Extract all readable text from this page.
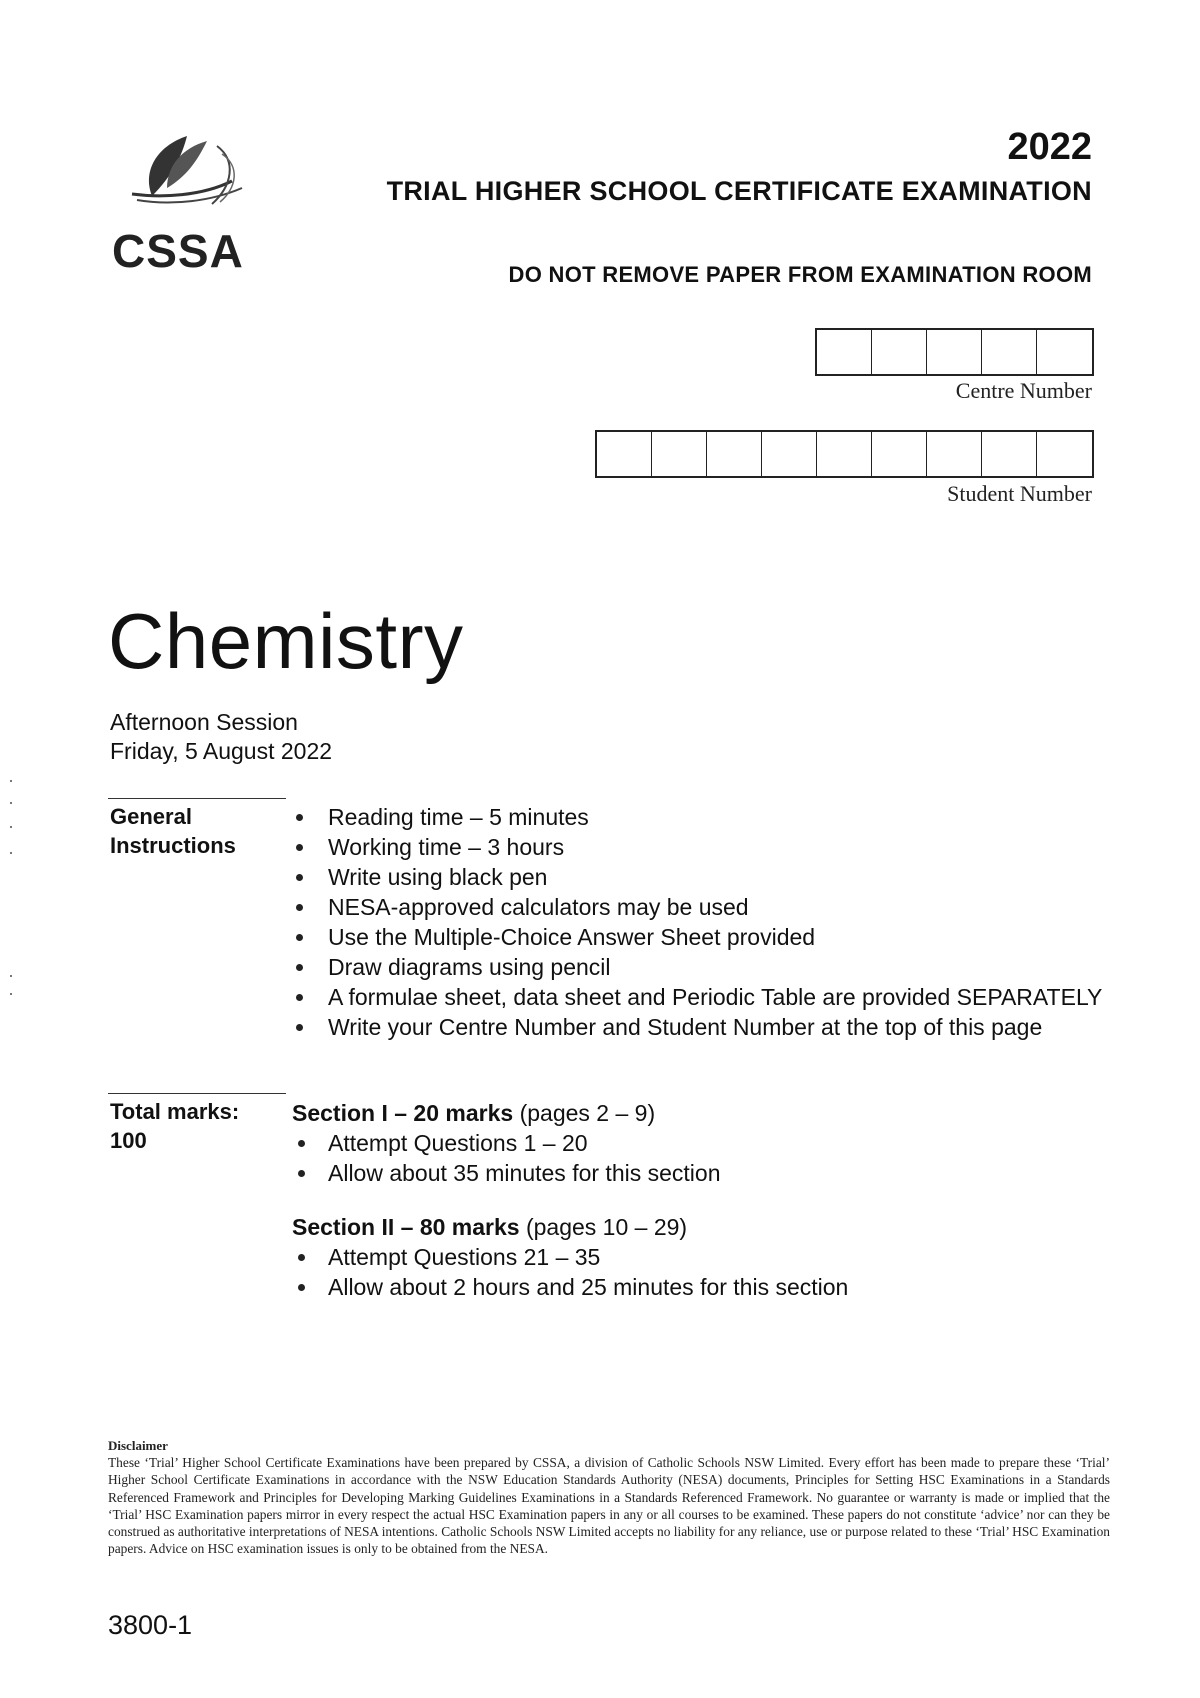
CSSA
2022
TRIAL HIGHER SCHOOL CERTIFICATE EXAMINATION
DO NOT REMOVE PAPER FROM EXAMINATION ROOM
Centre Number
Student Number
Chemistry
Afternoon Session
Friday, 5 August 2022
General
Instructions
Reading time – 5 minutes
Working time – 3 hours
Write using black pen
NESA-approved calculators may be used
Use the Multiple-Choice Answer Sheet provided
Draw diagrams using pencil
A formulae sheet, data sheet and Periodic Table are provided SEPARATELY
Write your Centre Number and Student Number at the top of this page
Total marks:
100
Section I – 20 marks (pages 2 – 9)
Attempt Questions 1 – 20
Allow about 35 minutes for this section
Section II – 80 marks (pages 10 – 29)
Attempt Questions 21 – 35
Allow about 2 hours and 25 minutes for this section
Disclaimer
These ‘Trial’ Higher School Certificate Examinations have been prepared by CSSA, a division of Catholic Schools NSW Limited. Every effort has been made to prepare these ‘Trial’ Higher School Certificate Examinations in accordance with the NSW Education Standards Authority (NESA) documents, Principles for Setting HSC Examinations in a Standards Referenced Framework and Principles for Developing Marking Guidelines Examinations in a Standards Referenced Framework. No guarantee or warranty is made or implied that the ‘Trial’ HSC Examination papers mirror in every respect the actual HSC Examination papers in any or all courses to be examined. These papers do not constitute ‘advice’ nor can they be construed as authoritative interpretations of NESA intentions. Catholic Schools NSW Limited accepts no liability for any reliance, use or purpose related to these ‘Trial’ HSC Examination papers. Advice on HSC examination issues is only to be obtained from the NESA.
3800-1
